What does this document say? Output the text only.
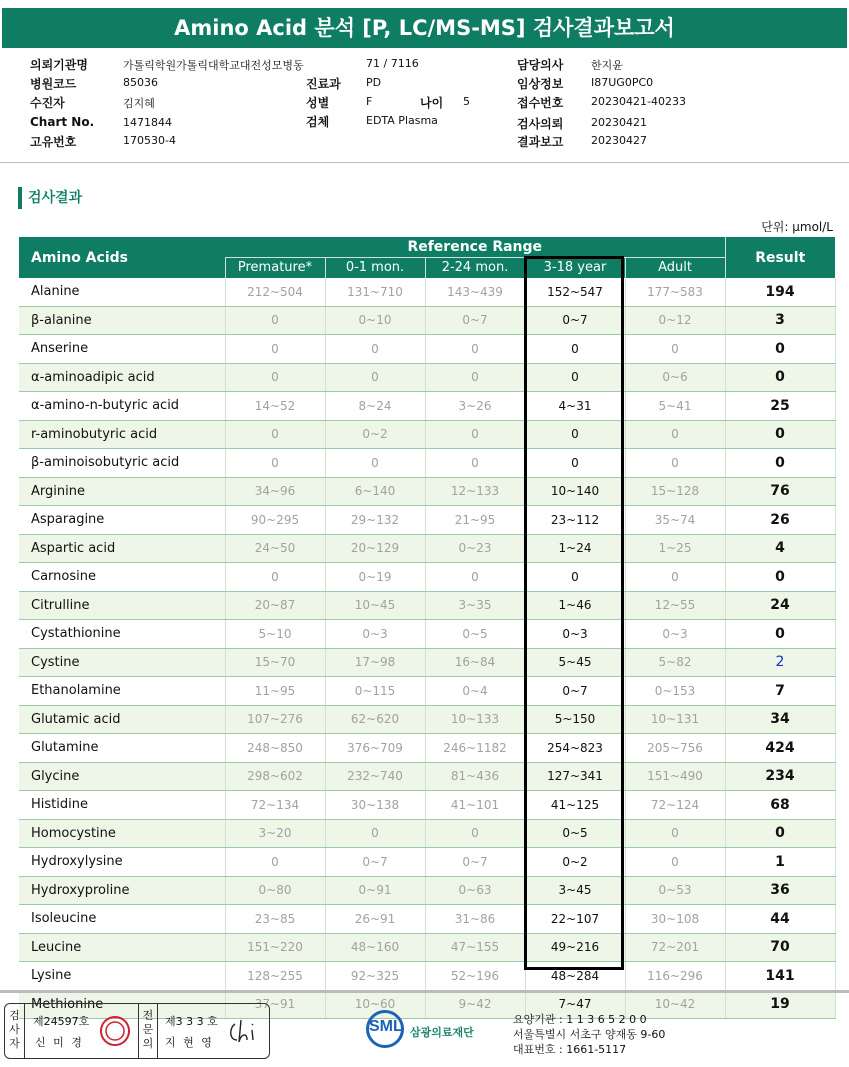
Amino Acid 분석 [P, LC/MS-MS] 검사결과보고서
의뢰기관명	가톨릭학원가톨릭대학교대전성모병동
병원코드	85036
수진자	김지혜
Chart No.	1471844
고유번호	170530-4
71 / 7116
진료과 PD
성별	F	나이 5
검체	EDTA Plasma
담당의사	한지윤
임상정보	I87UG0PC0
접수번호	20230421-40233
검사의뢰	20230421
결과보고	20230427
검사결과
단위: μmol/L
Amino Acids	Reference Range					Result
	Premature*	0-1 mon.	2-24 mon.	3-18 year	Adult	
Alanine	212~504	131~710	143~439	152~547	177~583	194
β-alanine	0	0~10	0~7	0~7	0~12	3
Anserine	0	0	0	0	0	0
α-aminoadipic acid	0	0	0	0	0~6	0
α-amino-n-butyric acid	14~52	8~24	3~26	4~31	5~41	25
r-aminobutyric acid	0	0~2	0	0	0	0
β-aminoisobutyric acid	0	0	0	0	0	0
Arginine	34~96	6~140	12~133	10~140	15~128	76
Asparagine	90~295	29~132	21~95	23~112	35~74	26
Aspartic acid	24~50	20~129	0~23	1~24	1~25	4
Carnosine	0	0~19	0	0	0	0
Citrulline	20~87	10~45	3~35	1~46	12~55	24
Cystathionine	5~10	0~3	0~5	0~3	0~3	0
Cystine	15~70	17~98	16~84	5~45	5~82	2
Ethanolamine	11~95	0~115	0~4	0~7	0~153	7
Glutamic acid	107~276	62~620	10~133	5~150	10~131	34
Glutamine	248~850	376~709	246~1182	254~823	205~756	424
Glycine	298~602	232~740	81~436	127~341	151~490	234
Histidine	72~134	30~138	41~101	41~125	72~124	68
Homocystine	3~20	0	0	0~5	0	0
Hydroxylysine	0	0~7	0~7	0~2	0	1
Hydroxyproline	0~80	0~91	0~63	3~45	0~53	36
Isoleucine	23~85	26~91	31~86	22~107	30~108	44
Leucine	151~220	48~160	47~155	49~216	72~201	70
Lysine	128~255	92~325	52~196	48~284	116~296	141
Methionine	37~91	10~60	9~42	7~47	10~42	19
검
사
자
제24597호
신 미 경
전
문
의
제3 3 3 호
지 현 영
SML 삼광의료재단
요양기관 : 1 1 3 6 5 2 0 0
서울특별시 서초구 양재동 9-60
대표번호 : 1661-5117
